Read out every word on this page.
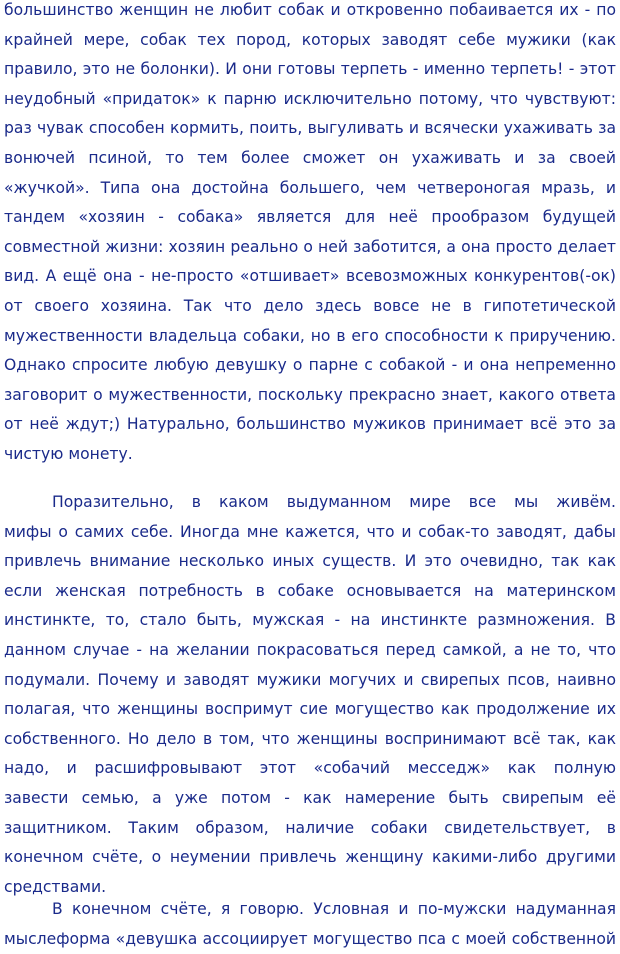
большинство женщин не любит собак и откровенно побаивается их - по
крайней мере, собак тех пород, которых заводят себе мужики (как
правило, это не болонки). И они готовы терпеть - именно терпеть! - этот
неудобный «придаток» к парню исключительно потому, что чувствуют:
раз чувак способен кормить, поить, выгуливать и всячески ухаживать за
вонючей псиной, то тем более сможет он ухаживать и за своей
«жучкой». Типа она достойна большего, чем четвероногая мразь, и
тандем «хозяин - собака» является для неё прообразом будущей
совместной жизни: хозяин реально о ней заботится, а она просто делает
вид. А ещё она - не-просто «отшивает» всевозможных конкурентов(-ок)
от своего хозяина. Так что дело здесь вовсе не в гипотетической
мужественности владельца собаки, но в его способности к приручению.
Однако спросите любую девушку о парне с собакой - и она непременно
заговорит о мужественности, поскольку прекрасно знает, какого ответа
от неё ждут;) Натурально, большинство мужиков принимает всё это за
чистую монету.
Поразительно, в каком выдуманном мире все мы живём.
мифы о самих себе. Иногда мне кажется, что и собак-то заводят, дабы
привлечь внимание несколько иных существ. И это очевидно, так как
если женская потребность в собаке основывается на материнском
инстинкте, то, стало быть, мужская - на инстинкте размножения. В
данном случае - на желании покрасоваться перед самкой, а не то, что
подумали. Почему и заводят мужики могучих и свирепых псов, наивно
полагая, что женщины воспримут сие могущество как продолжение их
собственного. Но дело в том, что женщины воспринимают всё так, как
надо, и расшифровывают этот «собачий месседж» как полную
завести семью, а уже потом - как намерение быть свирепым её
защитником. Таким образом, наличие собаки свидетельствует, в
конечном счёте, о неумении привлечь женщину какими-либо другими
средствами.
В конечном счёте, я говорю. Условная и по-мужски надуманная
мыслеформа «девушка ассоциирует могущество пса с моей собственной
